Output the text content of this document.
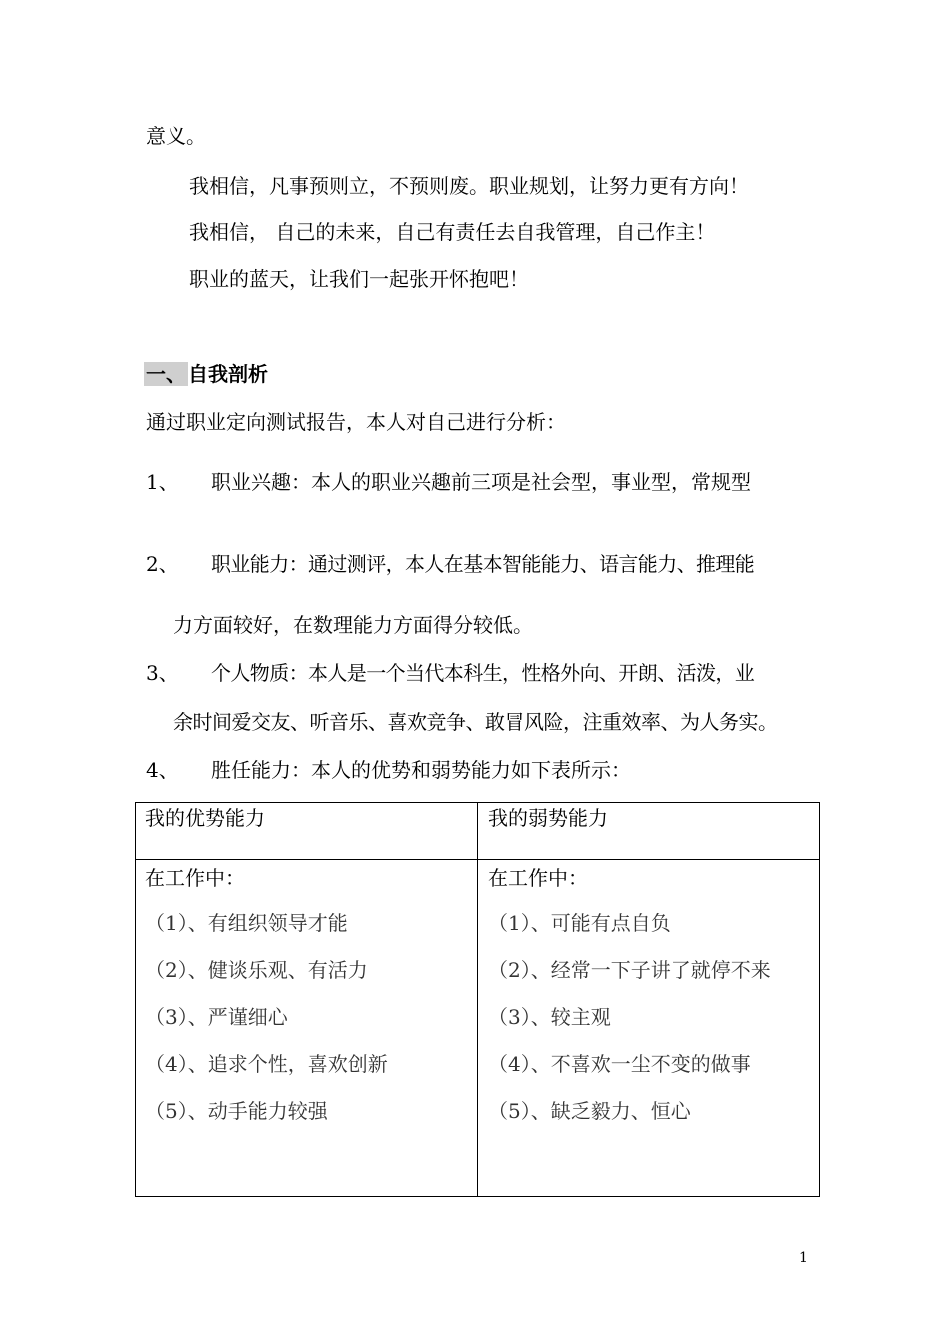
意义。
我相信，凡事预则立，不预则废。职业规划，让努力更有方向！
我相信， 自己的未来，自己有责任去自我管理，自己作主！
职业的蓝天，让我们一起张开怀抱吧！
一、 自我剖析
通过职业定向测试报告，本人对自己进行分析：
1、 职业兴趣：本人的职业兴趣前三项是社会型，事业型，常规型
2、 职业能力：通过测评，本人在基本智能能力、语言能力、推理能
力方面较好，在数理能力方面得分较低。
3、 个人物质：本人是一个当代本科生，性格外向、开朗、活泼，业
余时间爱交友、听音乐、喜欢竞争、敢冒风险，注重效率、为人务实。
4、 胜任能力：本人的优势和弱势能力如下表所示：
我的优势能力	我的弱势能力
在工作中：
（1）、有组织领导才能
（2）、健谈乐观、有活力
（3）、严谨细心
（4）、追求个性，喜欢创新
（5）、动手能力较强
在工作中：
（1）、可能有点自负
（2）、经常一下子讲了就停不来
（3）、较主观
（4）、不喜欢一尘不变的做事
（5）、缺乏毅力、恒心
1
